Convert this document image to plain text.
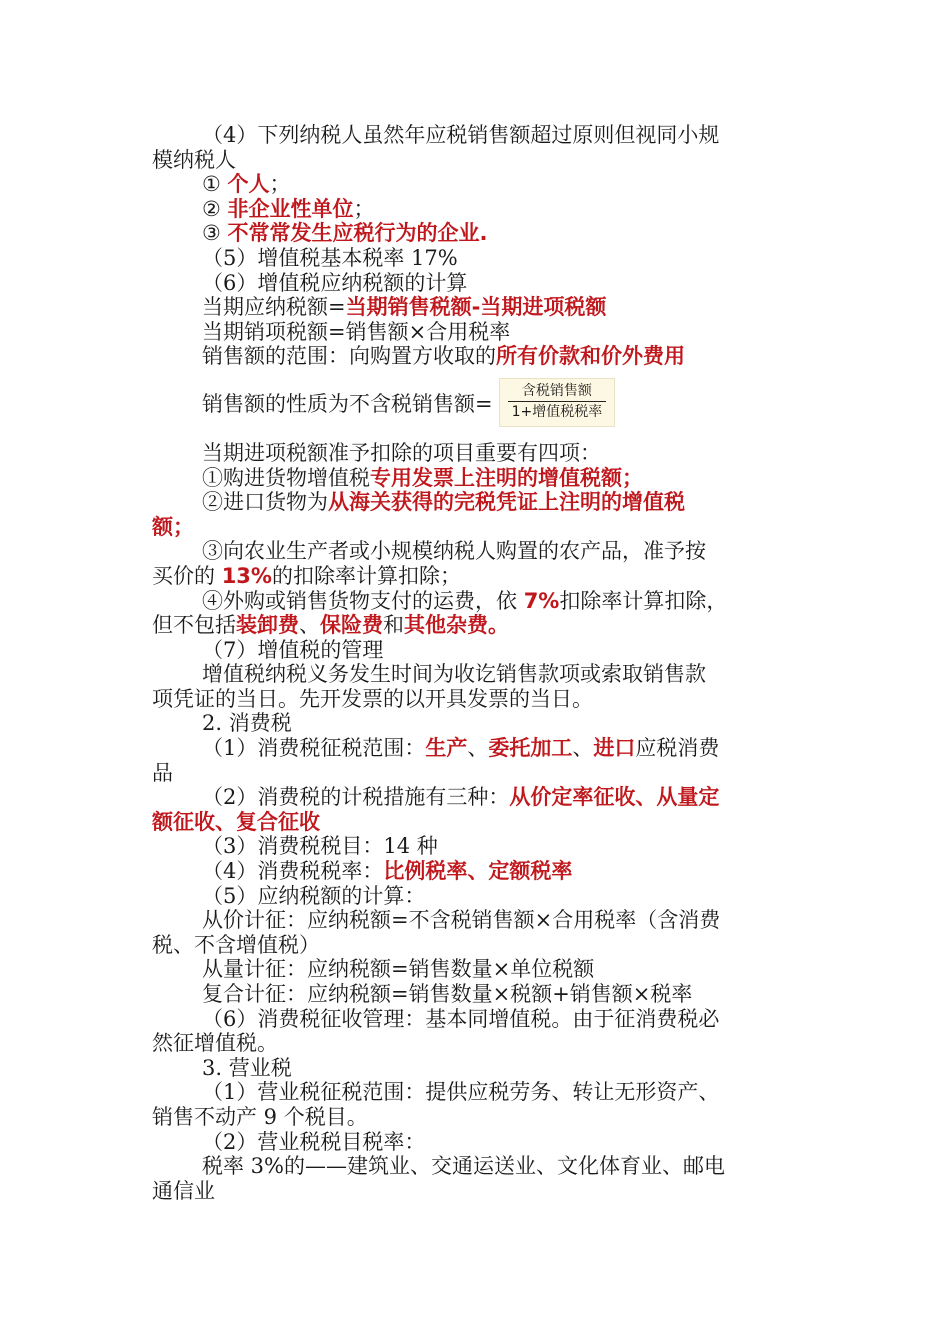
（4）下列纳税人虽然年应税销售额超过原则但视同小规
模纳税人
① 个人；
② 非企业性单位；
③ 不常常发生应税行为的企业.
（5）增值税基本税率 17%
（6）增值税应纳税额的计算
当期应纳税额=当期销售税额-当期进项税额
当期销项税额=销售额×合用税率
销售额的范围：向购置方收取的所有价款和价外费用
销售额的性质为不含税销售额= $\frac{\text{含税销售额}}{\text{1+增值税税率}}$
当期进项税额准予扣除的项目重要有四项：
①购进货物增值税专用发票上注明的增值税额；
②进口货物为从海关获得的完税凭证上注明的增值税
额；
③向农业生产者或小规模纳税人购置的农产品，准予按
买价的 13%的扣除率计算扣除；
④外购或销售货物支付的运费，依 7%扣除率计算扣除，
但不包括装卸费、保险费和其他杂费。
（7）增值税的管理
增值税纳税义务发生时间为收讫销售款项或索取销售款
项凭证的当日。先开发票的以开具发票的当日。
2. 消费税
（1）消费税征税范围：生产、委托加工、进口应税消费
品
（2）消费税的计税措施有三种：从价定率征收、从量定
额征收、复合征收
（3）消费税税目：14 种
（4）消费税税率：比例税率、定额税率
（5）应纳税额的计算：
从价计征：应纳税额=不含税销售额×合用税率（含消费
税、不含增值税）
从量计征：应纳税额=销售数量×单位税额
复合计征：应纳税额=销售数量×税额+销售额×税率
（6）消费税征收管理：基本同增值税。由于征消费税必
然征增值税。
3. 营业税
（1）营业税征税范围：提供应税劳务、转让无形资产、
销售不动产 9 个税目。
（2）营业税税目税率：
税率 3%的——建筑业、交通运送业、文化体育业、邮电
通信业
